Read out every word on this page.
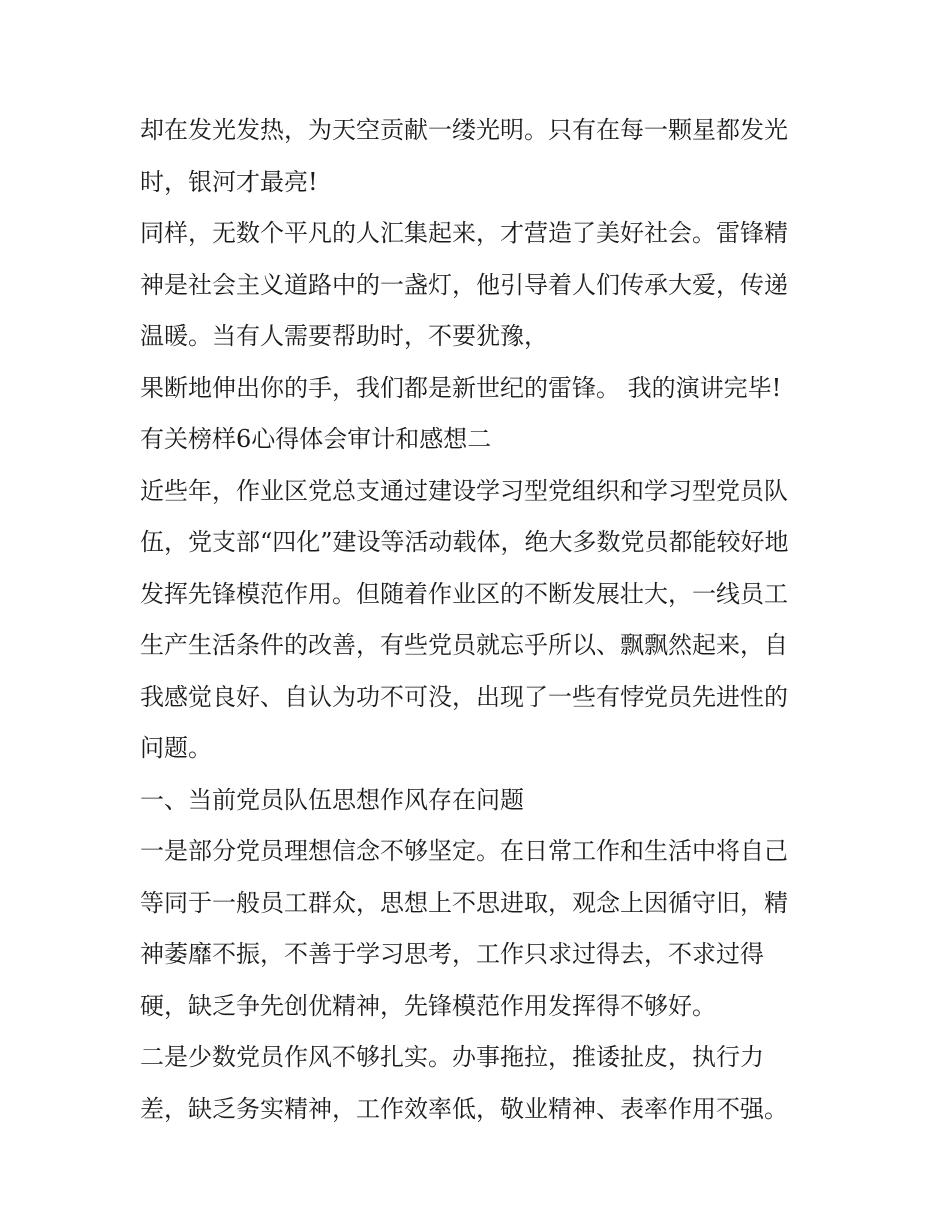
却在发光发热，为天空贡献一缕光明。只有在每一颗星都发光
时，银河才最亮!
同样，无数个平凡的人汇集起来，才营造了美好社会。雷锋精
神是社会主义道路中的一盏灯，他引导着人们传承大爱，传递
温暖。当有人需要帮助时，不要犹豫，
果断地伸出你的手，我们都是新世纪的雷锋。 我的演讲完毕!
有关榜样6心得体会审计和感想二
近些年，作业区党总支通过建设学习型党组织和学习型党员队
伍，党支部“四化”建设等活动载体，绝大多数党员都能较好地
发挥先锋模范作用。但随着作业区的不断发展壮大，一线员工
生产生活条件的改善，有些党员就忘乎所以、飘飘然起来，自
我感觉良好、自认为功不可没，出现了一些有悖党员先进性的
问题。
一、当前党员队伍思想作风存在问题
一是部分党员理想信念不够坚定。在日常工作和生活中将自己
等同于一般员工群众，思想上不思进取，观念上因循守旧，精
神萎靡不振，不善于学习思考，工作只求过得去，不求过得
硬，缺乏争先创优精神，先锋模范作用发挥得不够好。
二是少数党员作风不够扎实。办事拖拉，推诿扯皮，执行力
差，缺乏务实精神，工作效率低，敬业精神、表率作用不强。
